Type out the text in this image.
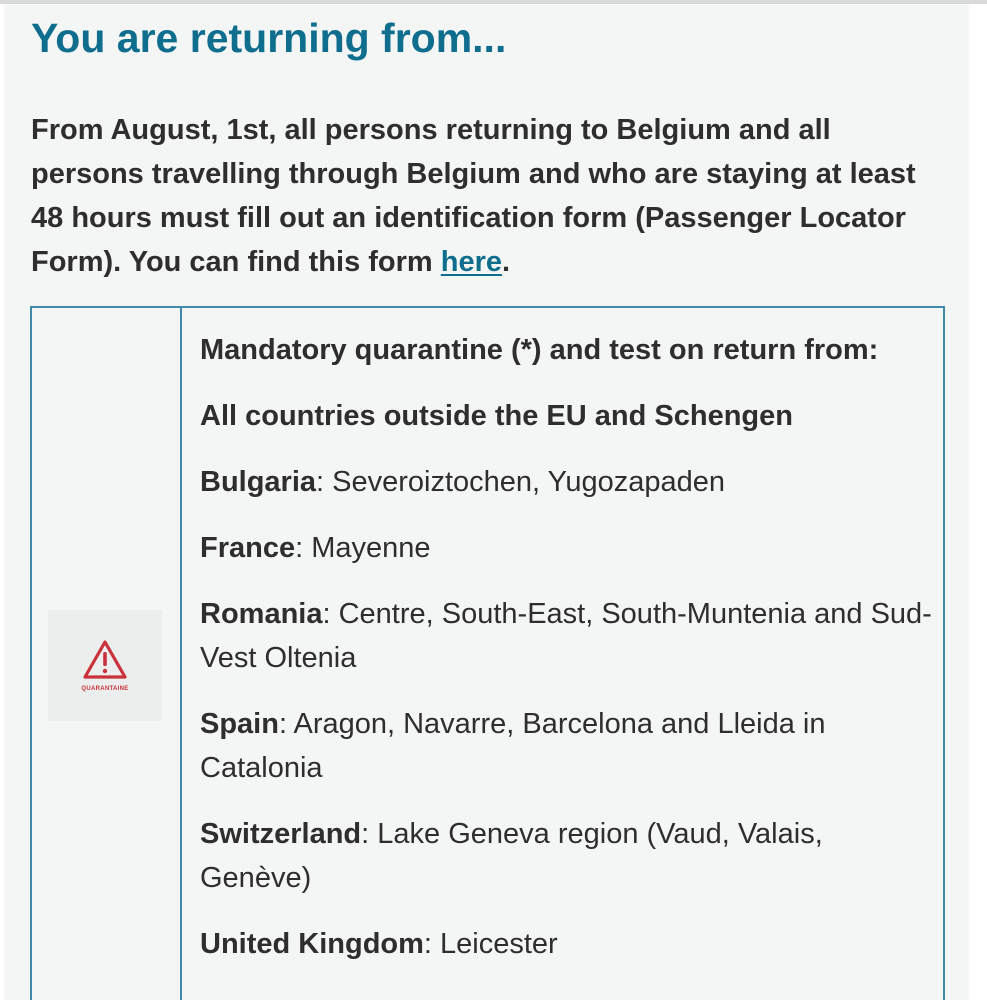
You are returning from...

From August, 1st, all persons returning to Belgium and all persons travelling through Belgium and who are staying at least 48 hours must fill out an identification form (Passenger Locator Form). You can find this form here.

QUARANTAINE

Mandatory quarantine (*) and test on return from:

All countries outside the EU and Schengen

Bulgaria: Severoiztochen, Yugozapaden

France: Mayenne

Romania: Centre, South-East, South-Muntenia and Sud-Vest Oltenia

Spain: Aragon, Navarre, Barcelona and Lleida in Catalonia

Switzerland: Lake Geneva region (Vaud, Valais, Genève)

United Kingdom: Leicester
